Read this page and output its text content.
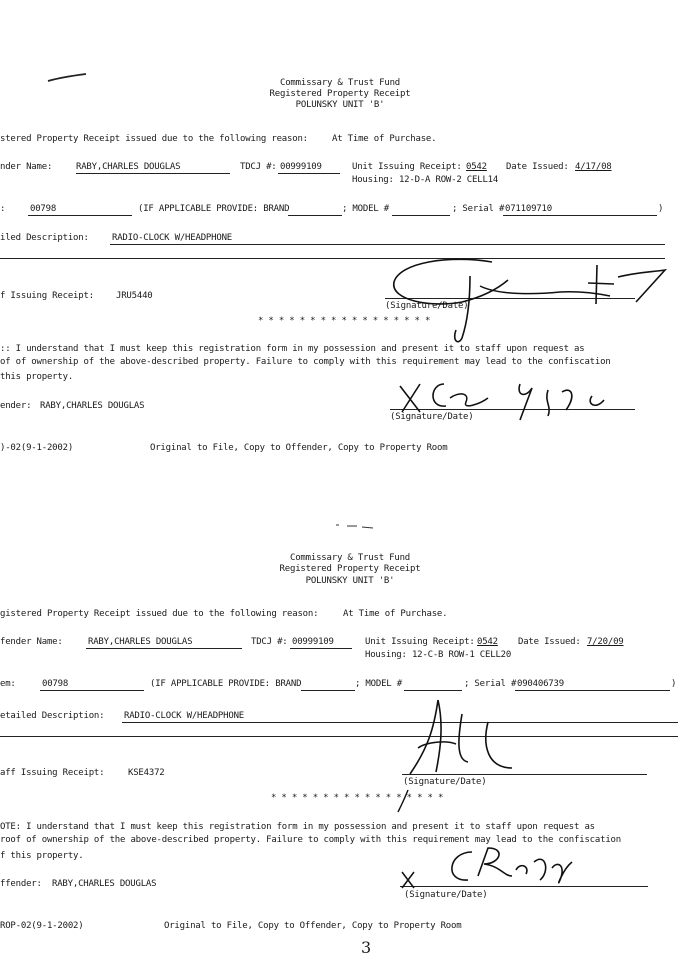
Commissary & Trust Fund
Registered Property Receipt
POLUNSKY UNIT 'B'
stered Property Receipt issued due to the following reason:	At Time of Purchase.
nder Name:	RABY,CHARLES DOUGLAS	TDCJ #: 00999109	Unit Issuing Receipt: 0542 Date Issued: 4/17/08
Housing: 12-D-A ROW-2 CELL14
:	00798	(IF APPLICABLE PROVIDE: BRAND	; MODEL #	; Serial # 071109710	)
iled Description:	RADIO-CLOCK W/HEADPHONE
f Issuing Receipt: JRU5440
(Signature/Date)
* * * * * * * * * * * * * * * * *
:: I understand that I must keep this registration form in my possession and present it to staff upon request as
of of ownership of the above-described property. Failure to comply with this requirement may lead to the confiscation
this property.
ender: RABY,CHARLES DOUGLAS
(Signature/Date)
)-02(9-1-2002)	Original to File, Copy to Offender, Copy to Property Room
Commissary & Trust Fund
Registered Property Receipt
POLUNSKY UNIT 'B'
gistered Property Receipt issued due to the following reason:	At Time of Purchase.
fender Name:	RABY,CHARLES DOUGLAS	TDCJ #: 00999109	Unit Issuing Receipt: 0542 Date Issued: 7/20/09
Housing: 12-C-B ROW-1 CELL20
em:	00798	(IF APPLICABLE PROVIDE: BRAND	; MODEL #	; Serial # 090406739	)
etailed Description: RADIO-CLOCK W/HEADPHONE
aff Issuing Receipt:	KSE4372
(Signature/Date)
* * * * * * * * * * * * * * * * *
OTE: I understand that I must keep this registration form in my possession and present it to staff upon request as
roof of ownership of the above-described property. Failure to comply with this requirement may lead to the confiscation
f this property.
ffender: RABY,CHARLES DOUGLAS
(Signature/Date)
ROP-02(9-1-2002)	Original to File, Copy to Offender, Copy to Property Room
3
